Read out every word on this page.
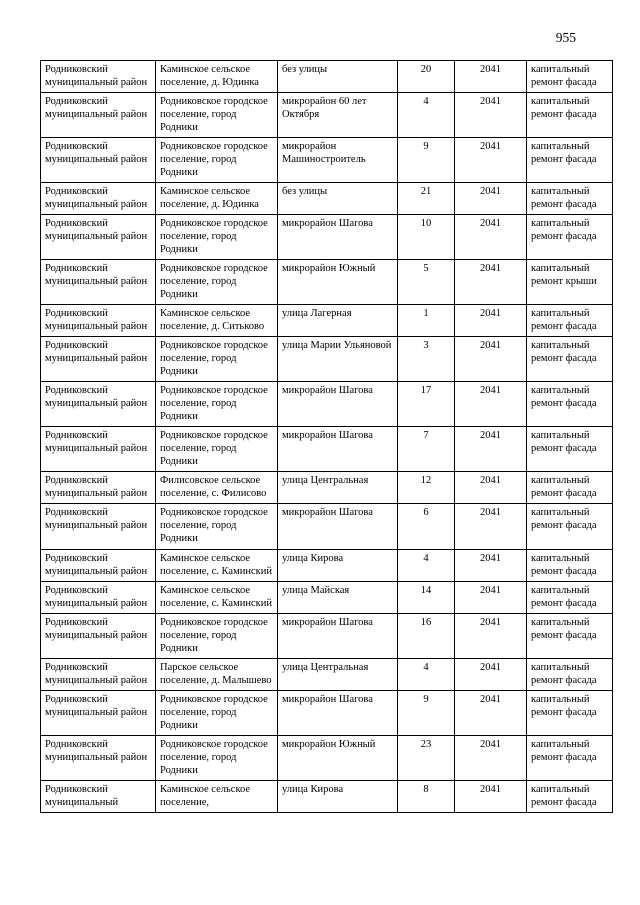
955
Родниковский муниципальный район	Каминское сельское поселение, д. Юдинка	без улицы	20	2041	капитальный ремонт фасада
Родниковский муниципальный район	Родниковское городское поселение, город Родники	микрорайон 60 лет Октября	4	2041	капитальный ремонт фасада
Родниковский муниципальный район	Родниковское городское поселение, город Родники	микрорайон Машиностроитель	9	2041	капитальный ремонт фасада
Родниковский муниципальный район	Каминское сельское поселение, д. Юдинка	без улицы	21	2041	капитальный ремонт фасада
Родниковский муниципальный район	Родниковское городское поселение, город Родники	микрорайон Шагова	10	2041	капитальный ремонт фасада
Родниковский муниципальный район	Родниковское городское поселение, город Родники	микрорайон Южный	5	2041	капитальный ремонт крыши
Родниковский муниципальный район	Каминское сельское поселение, д. Ситьково	улица Лагерная	1	2041	капитальный ремонт фасада
Родниковский муниципальный район	Родниковское городское поселение, город Родники	улица Марии Ульяновой	3	2041	капитальный ремонт фасада
Родниковский муниципальный район	Родниковское городское поселение, город Родники	микрорайон Шагова	17	2041	капитальный ремонт фасада
Родниковский муниципальный район	Родниковское городское поселение, город Родники	микрорайон Шагова	7	2041	капитальный ремонт фасада
Родниковский муниципальный район	Филисовское сельское поселение, с. Филисово	улица Центральная	12	2041	капитальный ремонт фасада
Родниковский муниципальный район	Родниковское городское поселение, город Родники	микрорайон Шагова	6	2041	капитальный ремонт фасада
Родниковский муниципальный район	Каминское сельское поселение, с. Каминский	улица Кирова	4	2041	капитальный ремонт фасада
Родниковский муниципальный район	Каминское сельское поселение, с. Каминский	улица Майская	14	2041	капитальный ремонт фасада
Родниковский муниципальный район	Родниковское городское поселение, город Родники	микрорайон Шагова	16	2041	капитальный ремонт фасада
Родниковский муниципальный район	Парское сельское поселение, д. Малышево	улица Центральная	4	2041	капитальный ремонт фасада
Родниковский муниципальный район	Родниковское городское поселение, город Родники	микрорайон Шагова	9	2041	капитальный ремонт фасада
Родниковский муниципальный район	Родниковское городское поселение, город Родники	микрорайон Южный	23	2041	капитальный ремонт фасада
Родниковский муниципальный	Каминское сельское поселение,	улица Кирова	8	2041	капитальный ремонт фасада
